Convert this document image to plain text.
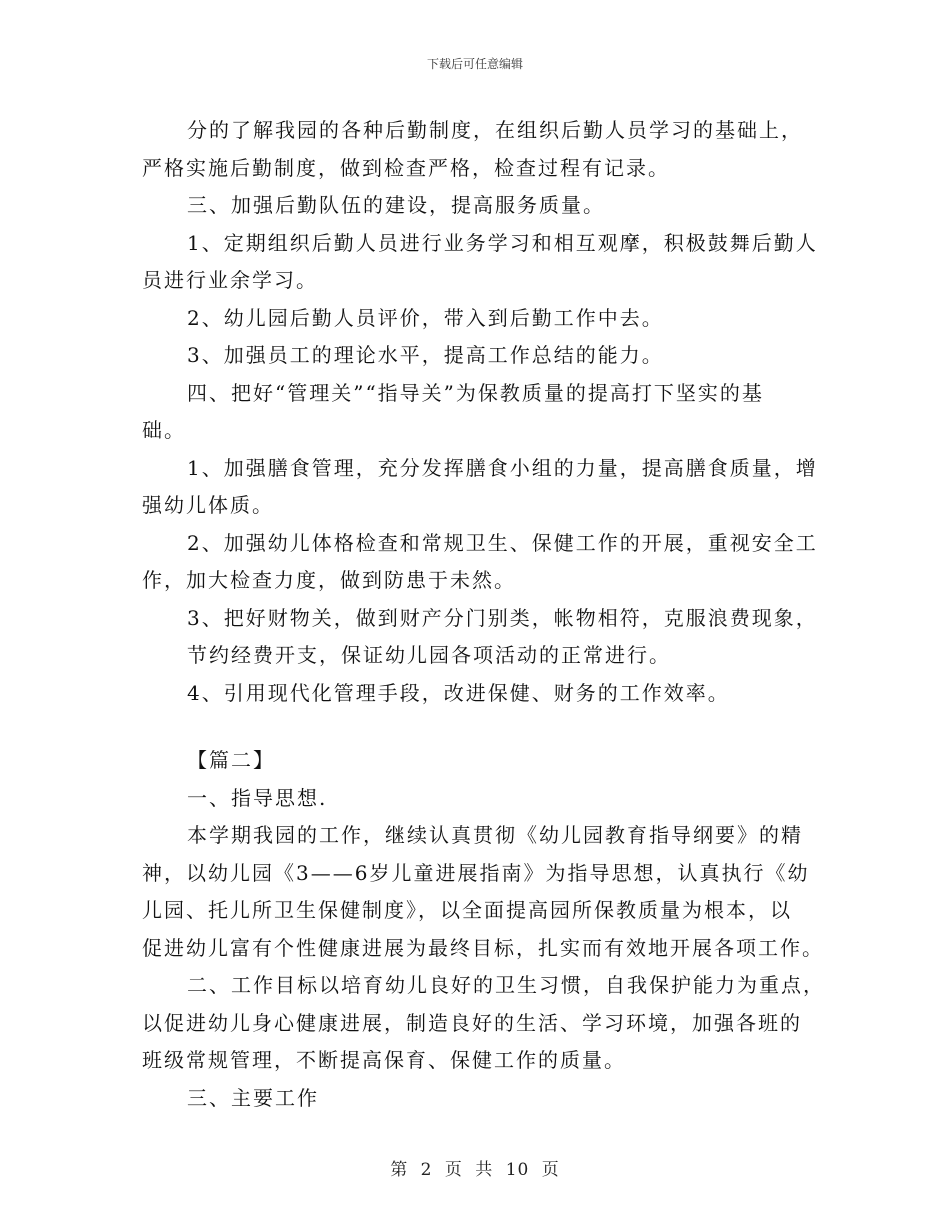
下载后可任意编辑
分的了解我园的各种后勤制度，在组织后勤人员学习的基础上，
严格实施后勤制度，做到检查严格，检查过程有记录。
三、加强后勤队伍的建设，提高服务质量。
1、定期组织后勤人员进行业务学习和相互观摩，积极鼓舞后勤人
员进行业余学习。
2、幼儿园后勤人员评价，带入到后勤工作中去。
3、加强员工的理论水平，提高工作总结的能力。
四、把好“管理关”“指导关”为保教质量的提高打下坚实的基
础。
1、加强膳食管理，充分发挥膳食小组的力量，提高膳食质量，增
强幼儿体质。
2、加强幼儿体格检查和常规卫生、保健工作的开展，重视安全工
作，加大检查力度，做到防患于未然。
3、把好财物关，做到财产分门别类，帐物相符，克服浪费现象，
节约经费开支，保证幼儿园各项活动的正常进行。
4、引用现代化管理手段，改进保健、财务的工作效率。
【篇二】
一、指导思想.
本学期我园的工作，继续认真贯彻《幼儿园教育指导纲要》的精
神，以幼儿园《3——6岁儿童进展指南》为指导思想，认真执行《幼
儿园、托儿所卫生保健制度》，以全面提高园所保教质量为根本，以
促进幼儿富有个性健康进展为最终目标，扎实而有效地开展各项工作。
二、工作目标以培育幼儿良好的卫生习惯，自我保护能力为重点，
以促进幼儿身心健康进展，制造良好的生活、学习环境，加强各班的
班级常规管理，不断提高保育、保健工作的质量。
三、主要工作
第 2 页 共 10 页
